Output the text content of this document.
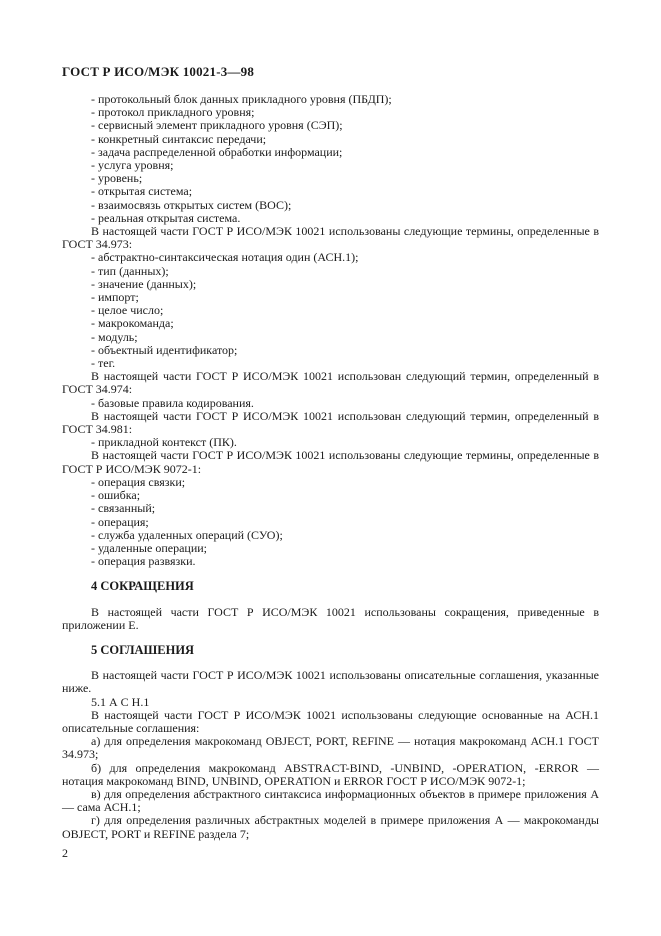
ГОСТ Р ИСО/МЭК 10021-3—98
- протокольный блок данных прикладного уровня (ПБДП);
- протокол прикладного уровня;
- сервисный элемент прикладного уровня (СЭП);
- конкретный синтаксис передачи;
- задача распределенной обработки информации;
- услуга уровня;
- уровень;
- открытая система;
- взаимосвязь открытых систем (ВОС);
- реальная открытая система.
В настоящей части ГОСТ Р ИСО/МЭК 10021 использованы следующие термины, определенные в ГОСТ 34.973:
- абстрактно-синтаксическая нотация один (АСН.1);
- тип (данных);
- значение (данных);
- импорт;
- целое число;
- макрокоманда;
- модуль;
- объектный идентификатор;
- тег.
В настоящей части ГОСТ Р ИСО/МЭК 10021 использован следующий термин, определенный в ГОСТ 34.974:
- базовые правила кодирования.
В настоящей части ГОСТ Р ИСО/МЭК 10021 использован следующий термин, определенный в ГОСТ 34.981:
- прикладной контекст (ПК).
В настоящей части ГОСТ Р ИСО/МЭК 10021 использованы следующие термины, определенные в ГОСТ Р ИСО/МЭК 9072-1:
- операция связки;
- ошибка;
- связанный;
- операция;
- служба удаленных операций (СУО);
- удаленные операции;
- операция развязки.
4 СОКРАЩЕНИЯ
В настоящей части ГОСТ Р ИСО/МЭК 10021 использованы сокращения, приведенные в приложении Е.
5 СОГЛАШЕНИЯ
В настоящей части ГОСТ Р ИСО/МЭК 10021 использованы описательные соглашения, указанные ниже.
5.1 А С Н.1
В настоящей части ГОСТ Р ИСО/МЭК 10021 использованы следующие основанные на АСН.1 описательные соглашения:
а) для определения макрокоманд OBJECT, PORT, REFINE — нотация макрокоманд АСН.1 ГОСТ 34.973;
б) для определения макрокоманд ABSTRACT-BIND, -UNBIND, -OPERATION, -ERROR — нотация макрокоманд BIND, UNBIND, OPERATION и ERROR ГОСТ Р ИСО/МЭК 9072-1;
в) для определения абстрактного синтаксиса информационных объектов в примере приложения А — сама АСН.1;
г) для определения различных абстрактных моделей в примере приложения А — макрокоманды OBJECT, PORT и REFINE раздела 7;
2
